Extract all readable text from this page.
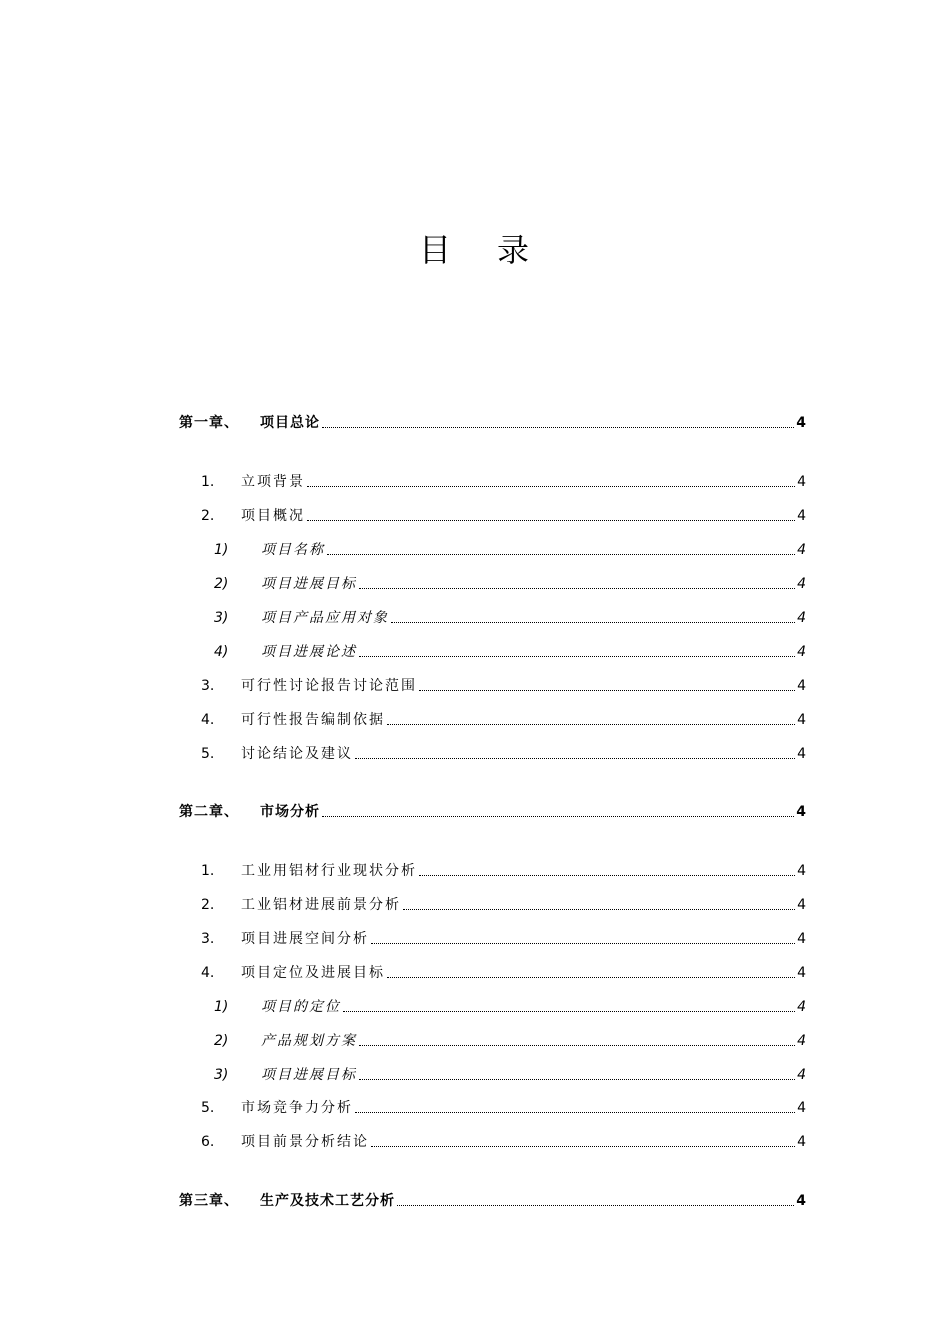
目 录
第一章、	项目总论	4
1.	立项背景	4
2.	项目概况	4
1)	项目名称	4
2)	项目进展目标	4
3)	项目产品应用对象	4
4)	项目进展论述	4
3.	可行性讨论报告讨论范围	4
4.	可行性报告编制依据	4
5.	讨论结论及建议	4
第二章、	市场分析	4
1.	工业用铝材行业现状分析	4
2.	工业铝材进展前景分析	4
3.	项目进展空间分析	4
4.	项目定位及进展目标	4
1)	项目的定位	4
2)	产品规划方案	4
3)	项目进展目标	4
5.	市场竞争力分析	4
6.	项目前景分析结论	4
第三章、	生产及技术工艺分析	4
